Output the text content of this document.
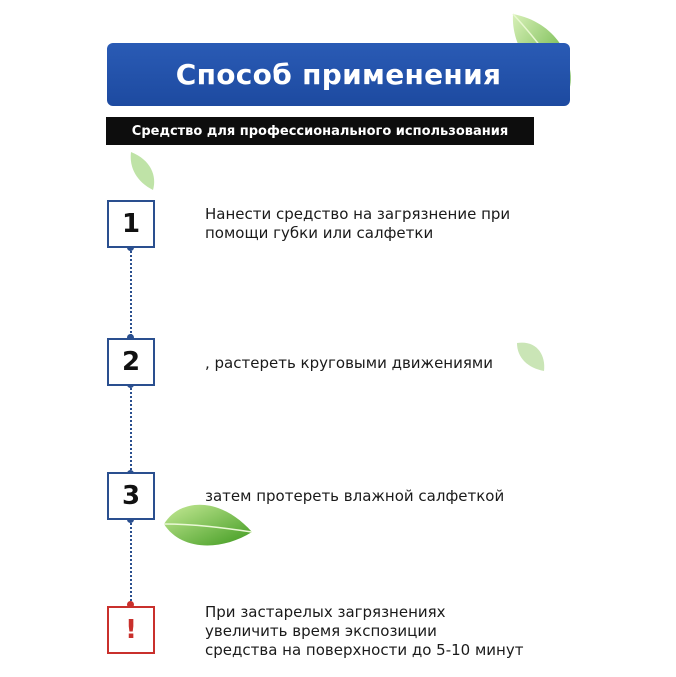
Способ применения
Средство для профессионального использования
1	Нанести средство на загрязнение при
помощи губки или салфетки
2	, растереть круговыми движениями
3	затем протереть влажной салфеткой
!
При застарелых загрязнениях
увеличить время экспозиции
средства на поверхности до 5-10 минут
